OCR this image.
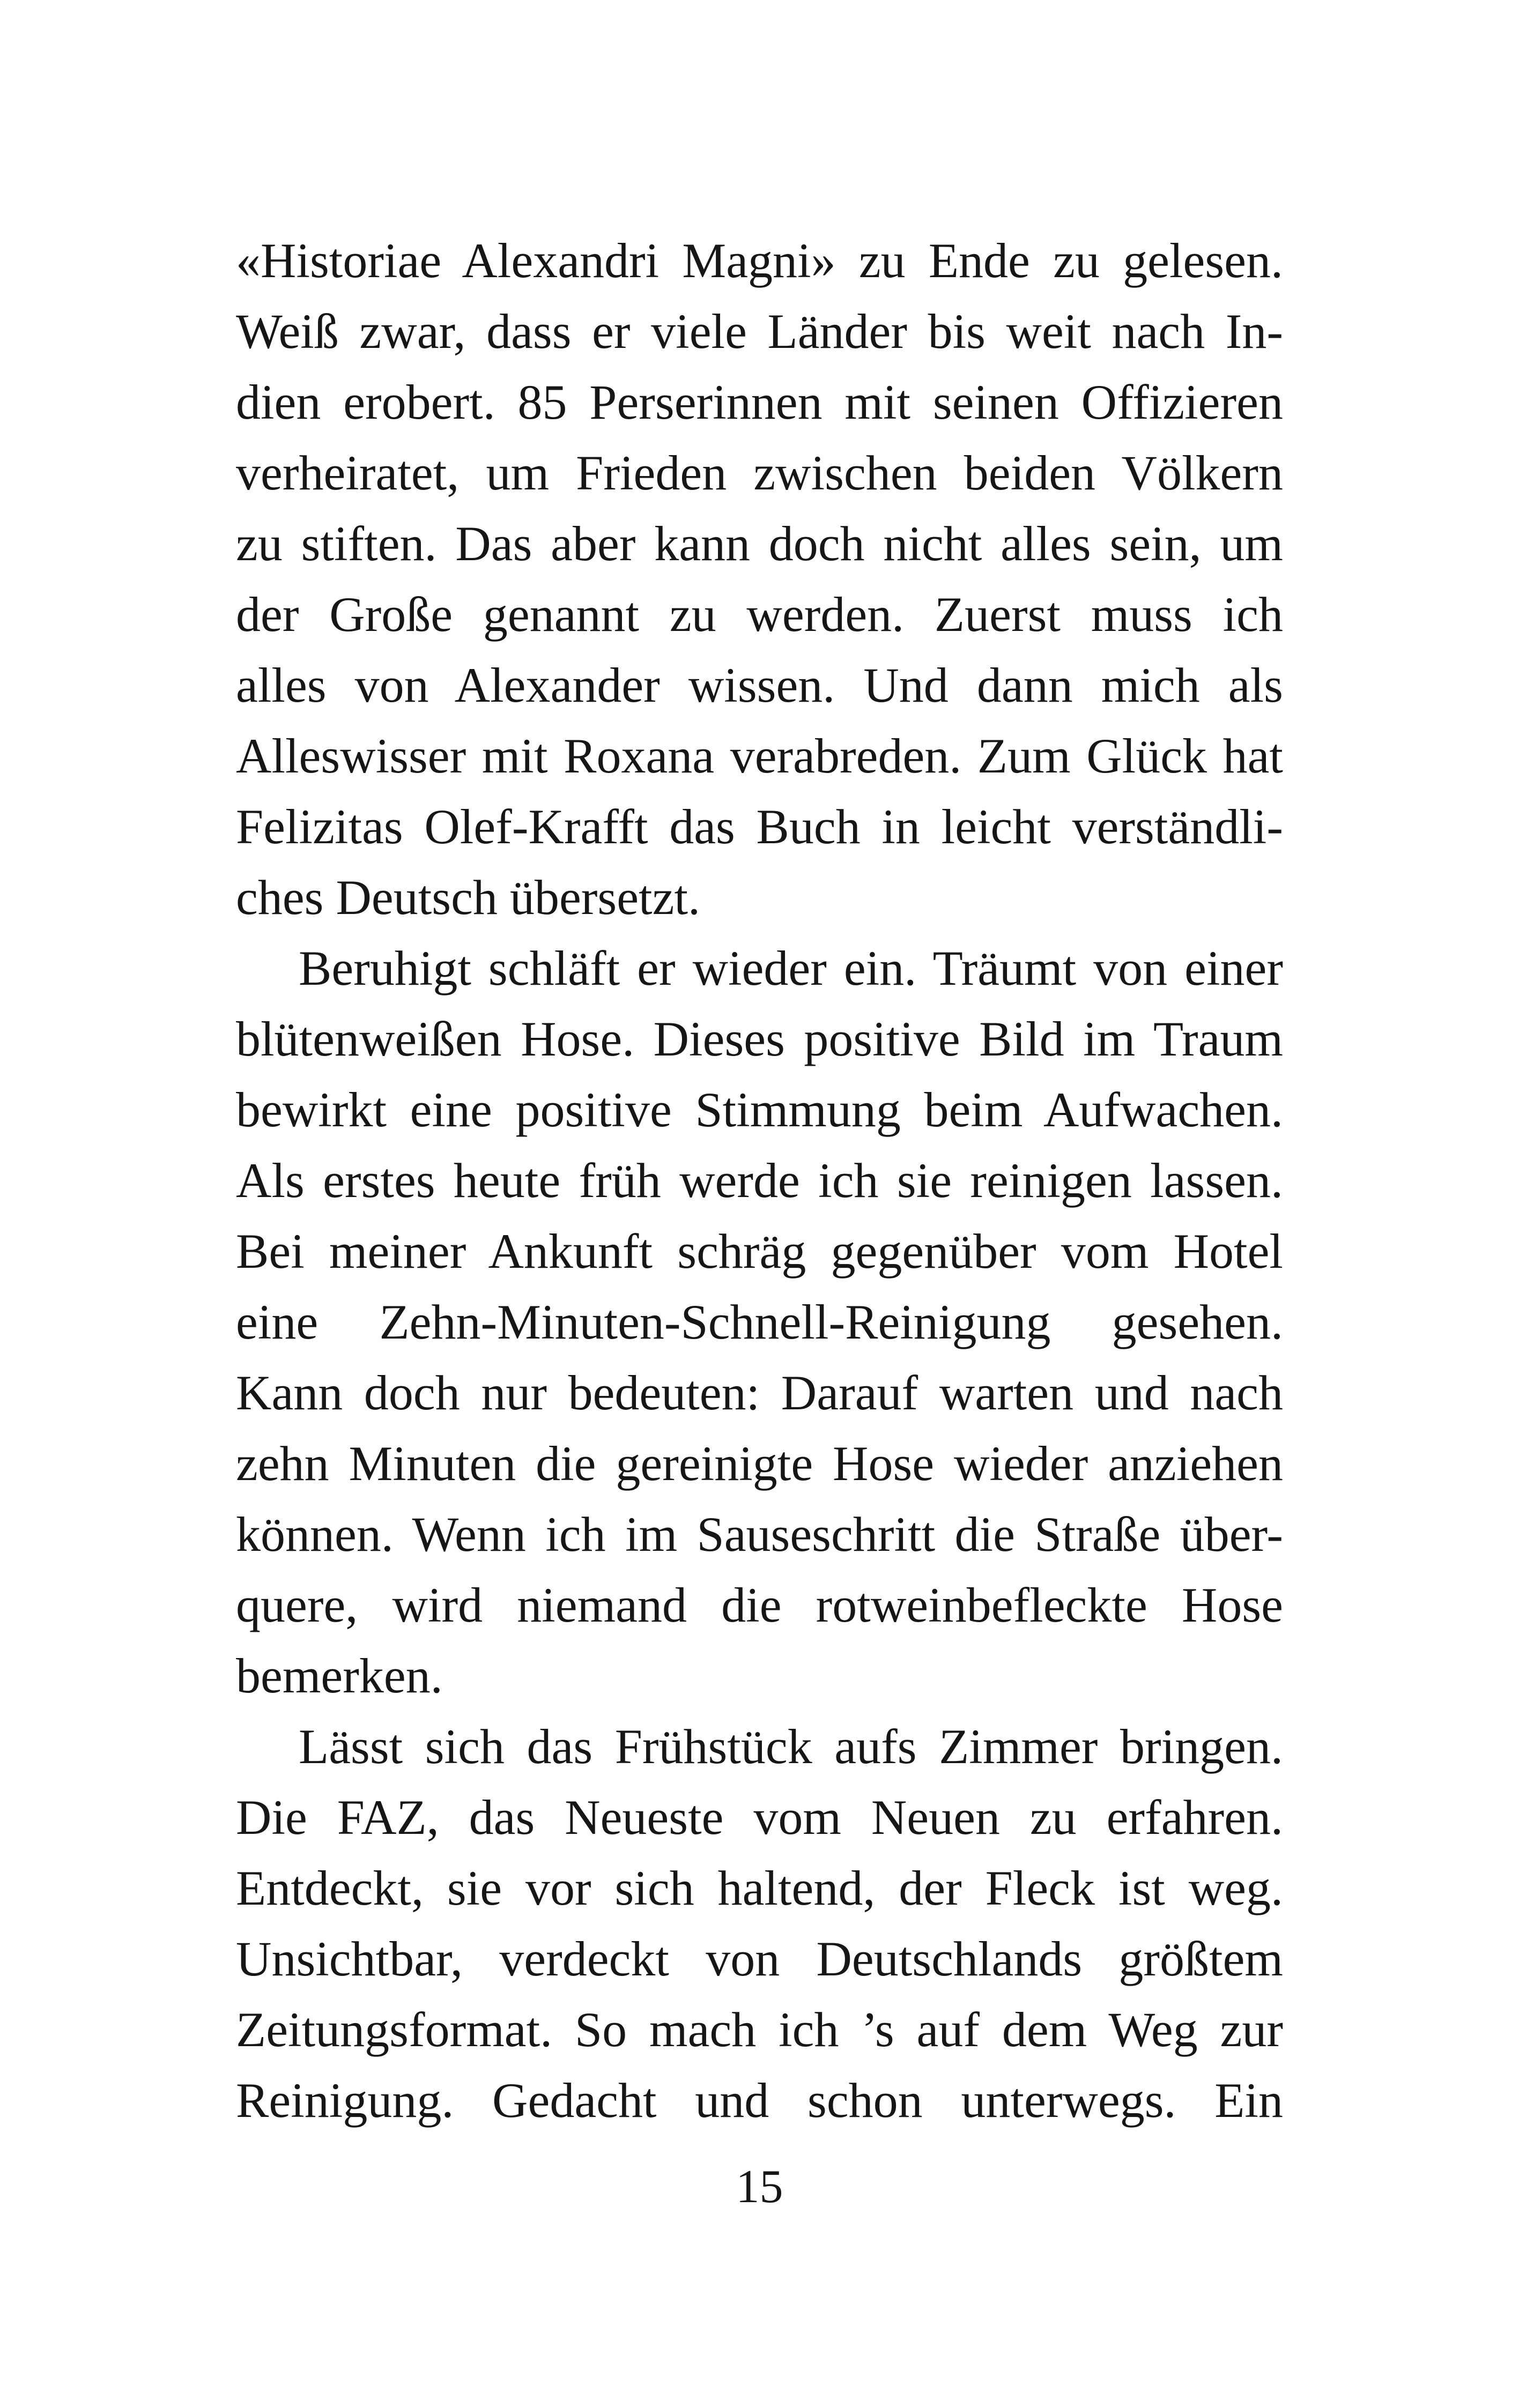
«Historiae Alexandri Magni» zu Ende zu gelesen.
Weiß zwar, dass er viele Länder bis weit nach In-
dien erobert. 85 Perserinnen mit seinen Offizieren
verheiratet, um Frieden zwischen beiden Völkern
zu stiften. Das aber kann doch nicht alles sein, um
der Große genannt zu werden. Zuerst muss ich
alles von Alexander wissen. Und dann mich als
Alleswisser mit Roxana verabreden. Zum Glück hat
Felizitas Olef-Krafft das Buch in leicht verständli-
ches Deutsch übersetzt.
Beruhigt schläft er wieder ein. Träumt von einer
blütenweißen Hose. Dieses positive Bild im Traum
bewirkt eine positive Stimmung beim Aufwachen.
Als erstes heute früh werde ich sie reinigen lassen.
Bei meiner Ankunft schräg gegenüber vom Hotel
eine Zehn-Minuten-Schnell-Reinigung gesehen.
Kann doch nur bedeuten: Darauf warten und nach
zehn Minuten die gereinigte Hose wieder anziehen
können. Wenn ich im Sauseschritt die Straße über-
quere, wird niemand die rotweinbefleckte Hose
bemerken.
Lässt sich das Frühstück aufs Zimmer bringen.
Die FAZ, das Neueste vom Neuen zu erfahren.
Entdeckt, sie vor sich haltend, der Fleck ist weg.
Unsichtbar, verdeckt von Deutschlands größtem
Zeitungsformat. So mach ich ’s auf dem Weg zur
Reinigung. Gedacht und schon unterwegs. Ein
15
